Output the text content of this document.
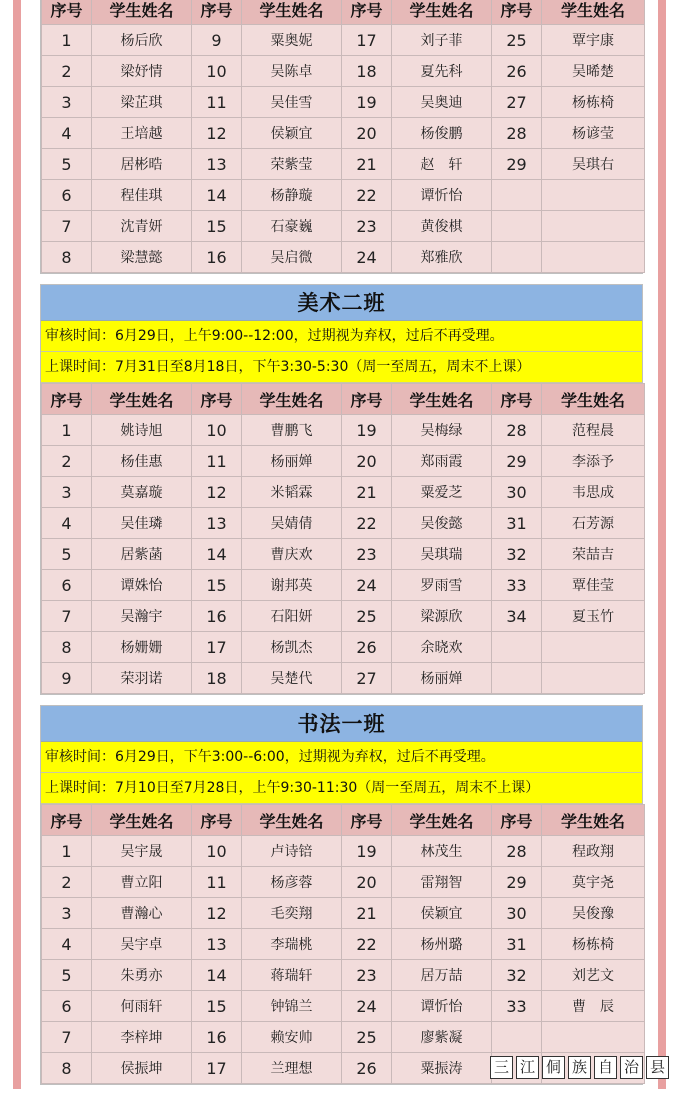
序号	学生姓名	序号	学生姓名	序号	学生姓名	序号	学生姓名
1	杨后欣	9	粟奥妮	17	刘子菲	25	覃宇康
2	梁妤情	10	吴陈卓	18	夏先科	26	吴晞楚
3	梁芷琪	11	吴佳雪	19	吴奥迪	27	杨栋椅
4	王培越	12	侯颖宜	20	杨俊鹏	28	杨谚莹
5	居彬晧	13	荣紫莹	21	赵　轩	29	吴琪右
6	程佳琪	14	杨静璇	22	谭忻怡		
7	沈青妍	15	石豪巍	23	黄俊棋		
8	梁慧懿	16	吴启微	24	郑雅欣		
美术二班
审核时间：6月29日，上午9:00--12:00，过期视为弃权，过后不再受理。
上课时间：7月31日至8月18日，下午3:30-5:30（周一至周五，周末不上课）
序号	学生姓名	序号	学生姓名	序号	学生姓名	序号	学生姓名
1	姚诗旭	10	曹鹏飞	19	吴梅绿	28	范程晨
2	杨佳惠	11	杨丽婵	20	郑雨霞	29	李添予
3	莫嘉璇	12	米韬霖	21	粟爱芝	30	韦思成
4	吴佳璘	13	吴婧倩	22	吴俊懿	31	石芳源
5	居紫菡	14	曹庆欢	23	吴琪瑞	32	荣喆吉
6	谭姝怡	15	谢邦英	24	罗雨雪	33	覃佳莹
7	吴瀚宇	16	石阳妍	25	梁源欣	34	夏玉竹
8	杨姗姗	17	杨凯杰	26	余晓欢		
9	荣羽诺	18	吴楚代	27	杨丽婵		
书法一班
审核时间：6月29日，下午3:00--6:00，过期视为弃权，过后不再受理。
上课时间：7月10日至7月28日，上午9:30-11:30（周一至周五，周末不上课）
序号	学生姓名	序号	学生姓名	序号	学生姓名	序号	学生姓名
1	吴宇晟	10	卢诗锫	19	林茂生	28	程政翔
2	曹立阳	11	杨彦蓉	20	雷翔智	29	莫宇尧
3	曹瀚心	12	毛奕翔	21	侯颖宜	30	吴俊豫
4	吴宇卓	13	李瑞桃	22	杨州璐	31	杨栋椅
5	朱勇亦	14	蒋瑞轩	23	居万喆	32	刘艺文
6	何雨轩	15	钟锦兰	24	谭忻怡	33	曹　辰
7	李梓坤	16	赖安帅	25	廖紫凝		
8	侯振坤	17	兰理想	26	粟振涛		三 江 侗 族 自 治 县
